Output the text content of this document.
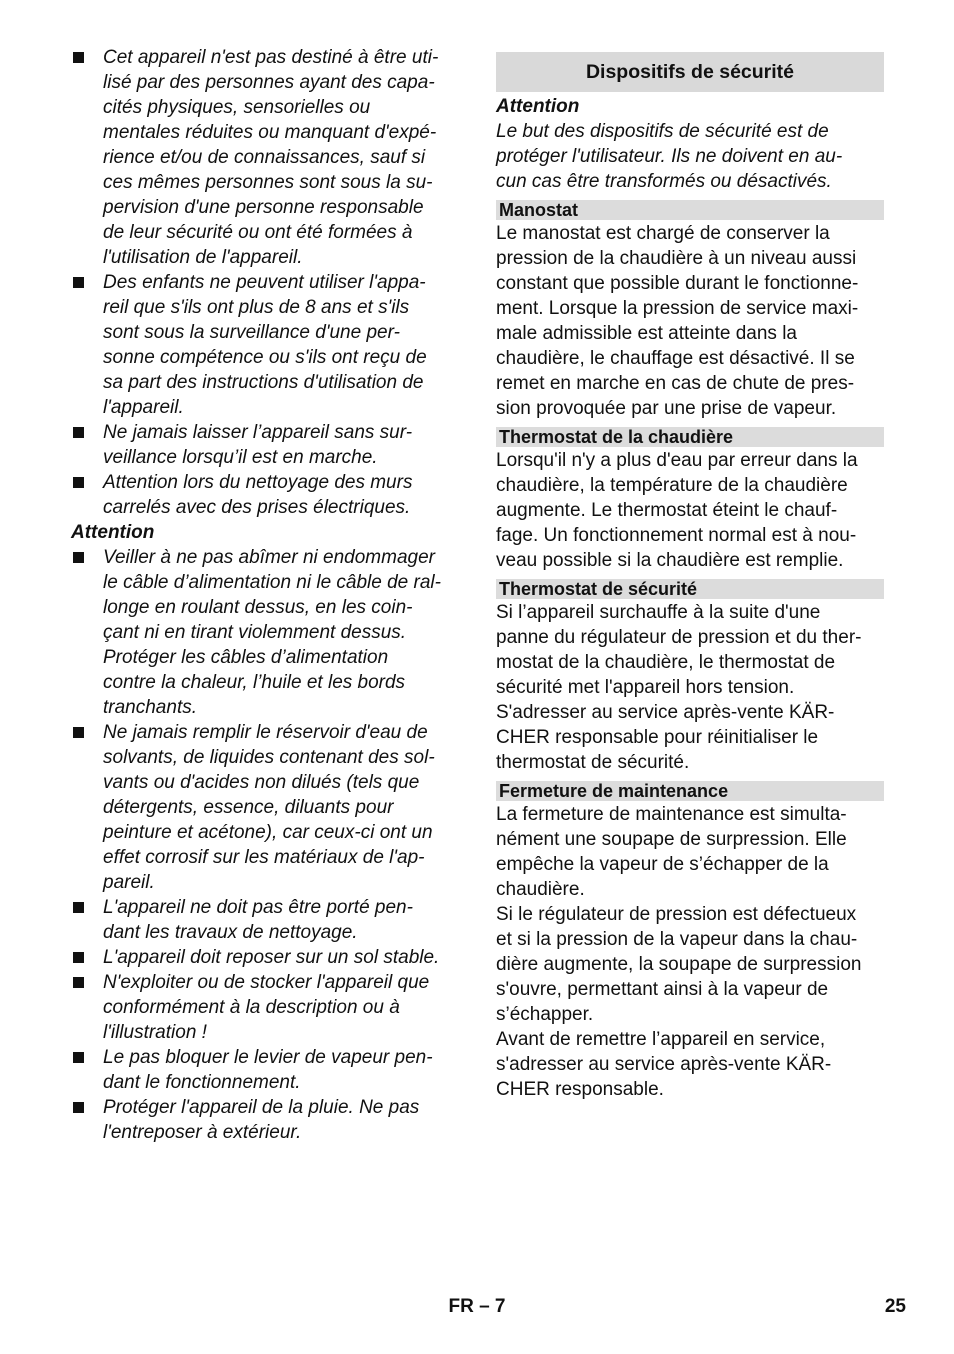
Cet appareil n'est pas destiné à être uti-
lisé par des personnes ayant des capa-
cités physiques, sensorielles ou
mentales réduites ou manquant d'expé-
rience et/ou de connaissances, sauf si
ces mêmes personnes sont sous la su-
pervision d'une personne responsable
de leur sécurité ou ont été formées à
l'utilisation de l'appareil.
Des enfants ne peuvent utiliser l'appa-
reil que s'ils ont plus de 8 ans et s'ils
sont sous la surveillance d'une per-
sonne compétence ou s'ils ont reçu de
sa part des instructions d'utilisation de
l'appareil.
Ne jamais laisser l’appareil sans sur-
veillance lorsqu’il est en marche.
Attention lors du nettoyage des murs
carrelés avec des prises électriques.
Attention
Veiller à ne pas abîmer ni endommager
le câble d’alimentation ni le câble de ral-
longe en roulant dessus, en les coin-
çant ni en tirant violemment dessus.
Protéger les câbles d’alimentation
contre la chaleur, l’huile et les bords
tranchants.
Ne jamais remplir le réservoir d'eau de
solvants, de liquides contenant des sol-
vants ou d'acides non dilués (tels que
détergents, essence, diluants pour
peinture et acétone), car ceux-ci ont un
effet corrosif sur les matériaux de l'ap-
pareil.
L'appareil ne doit pas être porté pen-
dant les travaux de nettoyage.
L'appareil doit reposer sur un sol stable.
N'exploiter ou de stocker l'appareil que
conformément à la description ou à
l'illustration !
Le pas bloquer le levier de vapeur pen-
dant le fonctionnement.
Protéger l'appareil de la pluie. Ne pas
l'entreposer à extérieur.
Dispositifs de sécurité
Attention
Le but des dispositifs de sécurité est de
protéger l'utilisateur. Ils ne doivent en au-
cun cas être transformés ou désactivés.
Manostat
Le manostat est chargé de conserver la
pression de la chaudière à un niveau aussi
constant que possible durant le fonctionne-
ment. Lorsque la pression de service maxi-
male admissible est atteinte dans la
chaudière, le chauffage est désactivé. Il se
remet en marche en cas de chute de pres-
sion provoquée par une prise de vapeur.
Thermostat de la chaudière
Lorsqu'il n'y a plus d'eau par erreur dans la
chaudière, la température de la chaudière
augmente. Le thermostat éteint le chauf-
fage. Un fonctionnement normal est à nou-
veau possible si la chaudière est remplie.
Thermostat de sécurité
Si l’appareil surchauffe à la suite d'une
panne du régulateur de pression et du ther-
mostat de la chaudière, le thermostat de
sécurité met l'appareil hors tension.
S'adresser au service après-vente KÄR-
CHER responsable pour réinitialiser le
thermostat de sécurité.
Fermeture de maintenance
La fermeture de maintenance est simulta-
nément une soupape de surpression. Elle
empêche la vapeur de s’échapper de la
chaudière.
Si le régulateur de pression est défectueux
et si la pression de la vapeur dans la chau-
dière augmente, la soupape de surpression
s'ouvre, permettant ainsi à la vapeur de
s’échapper.
Avant de remettre l’appareil en service,
s'adresser au service après-vente KÄR-
CHER responsable.
FR – 7	25
